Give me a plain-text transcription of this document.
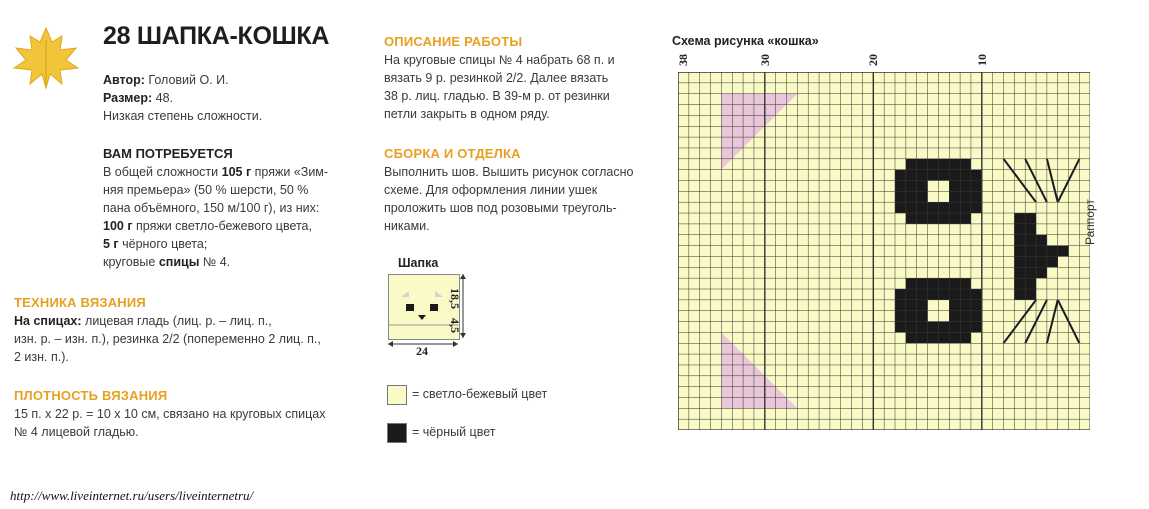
28 ШАПКА-КОШКА
Автор: Головий О. И.
Размер: 48.
Низкая степень сложности.
ВАМ ПОТРЕБУЕТСЯ
В общей сложности 105 г пряжи «Зим-
няя премьера» (50 % шерсти, 50 %
пана объёмного, 150 м/100 г), из них:
100 г пряжи светло-бежевого цвета,
5 г чёрного цвета;
круговые спицы № 4.
ТЕХНИКА ВЯЗАНИЯ
На спицах: лицевая гладь (лиц. р. – лиц. п.,
изн. р. – изн. п.), резинка 2/2 (попеременно 2 лиц. п.,
2 изн. п.).
ПЛОТНОСТЬ ВЯЗАНИЯ
15 п. х 22 р. = 10 х 10 см, связано на круговых спицах
№ 4 лицевой гладью.
ОПИСАНИЕ РАБОТЫ
На круговые спицы № 4 набрать 68 п. и
вязать 9 р. резинкой 2/2. Далее вязать
38 р. лиц. гладью. В 39-м р. от резинки
петли закрыть в одном ряду.
СБОРКА И ОТДЕЛКА
Выполнить шов. Вышить рисунок согласно
схеме. Для оформления линии ушек
проложить шов под розовыми треуголь-
никами.
Шапка
24
18,5
4,5
= светло-бежевый цвет
= чёрный цвет
Схема рисунка «кошка»
38	30	20	10
Раппорт
http://www.liveinternet.ru/users/liveinternetru/
